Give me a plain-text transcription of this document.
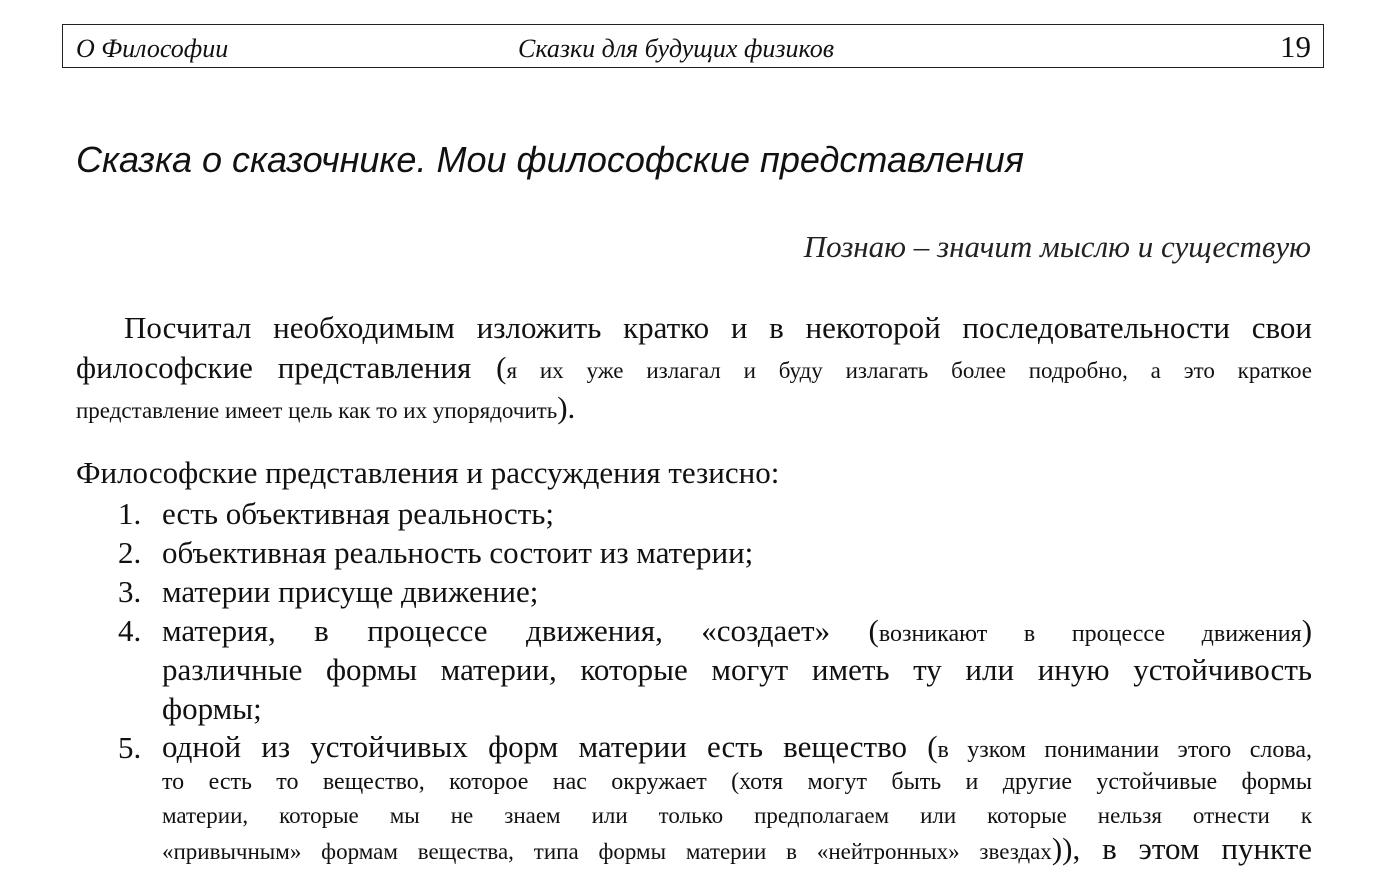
О Философии	Сказки для будущих физиков	19
Сказка о сказочнике. Мои философские представления
Познаю – значит мыслю и существую
Посчитал необходимым изложить кратко и в некоторой последовательности свои
философские представления (я их уже излагал и буду излагать более подробно, а это краткое
представление имеет цель как то их упорядочить).
Философские представления и рассуждения тезисно:
1. есть объективная реальность;
2. объективная реальность состоит из материи;
3. материи присуще движение;
4. материя, в процессе движения, «создает» (возникают в процессе движения)
различные формы материи, которые могут иметь ту или иную устойчивость
формы;
5. одной из устойчивых форм материи есть вещество (в узком понимании этого слова,
то есть то вещество, которое нас окружает (хотя могут быть и другие устойчивые формы
материи, которые мы не знаем или только предполагаем или которые нельзя отнести к
«привычным» формам вещества, типа формы материи в «нейтронных» звездах)), в этом пункте
